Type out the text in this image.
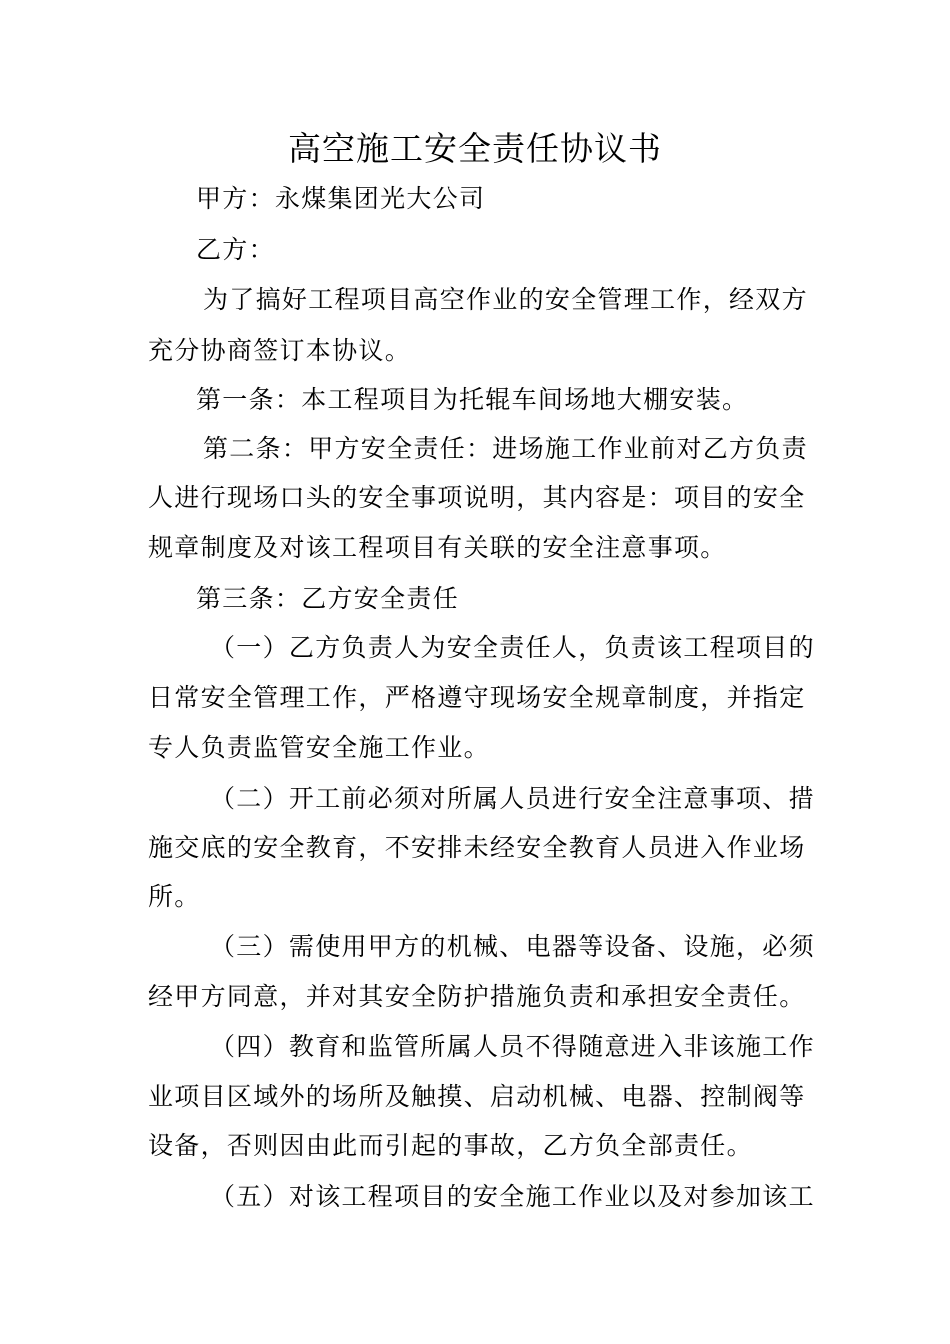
高空施工安全责任协议书
甲方：永煤集团光大公司
乙方：
为了搞好工程项目高空作业的安全管理工作，经双方
充分协商签订本协议。
第一条：本工程项目为托辊车间场地大棚安装。
第二条：甲方安全责任：进场施工作业前对乙方负责
人进行现场口头的安全事项说明，其内容是：项目的安全
规章制度及对该工程项目有关联的安全注意事项。
第三条：乙方安全责任
（一）乙方负责人为安全责任人，负责该工程项目的
日常安全管理工作，严格遵守现场安全规章制度，并指定
专人负责监管安全施工作业。
（二）开工前必须对所属人员进行安全注意事项、措
施交底的安全教育，不安排未经安全教育人员进入作业场
所。
（三）需使用甲方的机械、电器等设备、设施，必须
经甲方同意，并对其安全防护措施负责和承担安全责任。
（四）教育和监管所属人员不得随意进入非该施工作
业项目区域外的场所及触摸、启动机械、电器、控制阀等
设备，否则因由此而引起的事故，乙方负全部责任。
（五）对该工程项目的安全施工作业以及对参加该工
